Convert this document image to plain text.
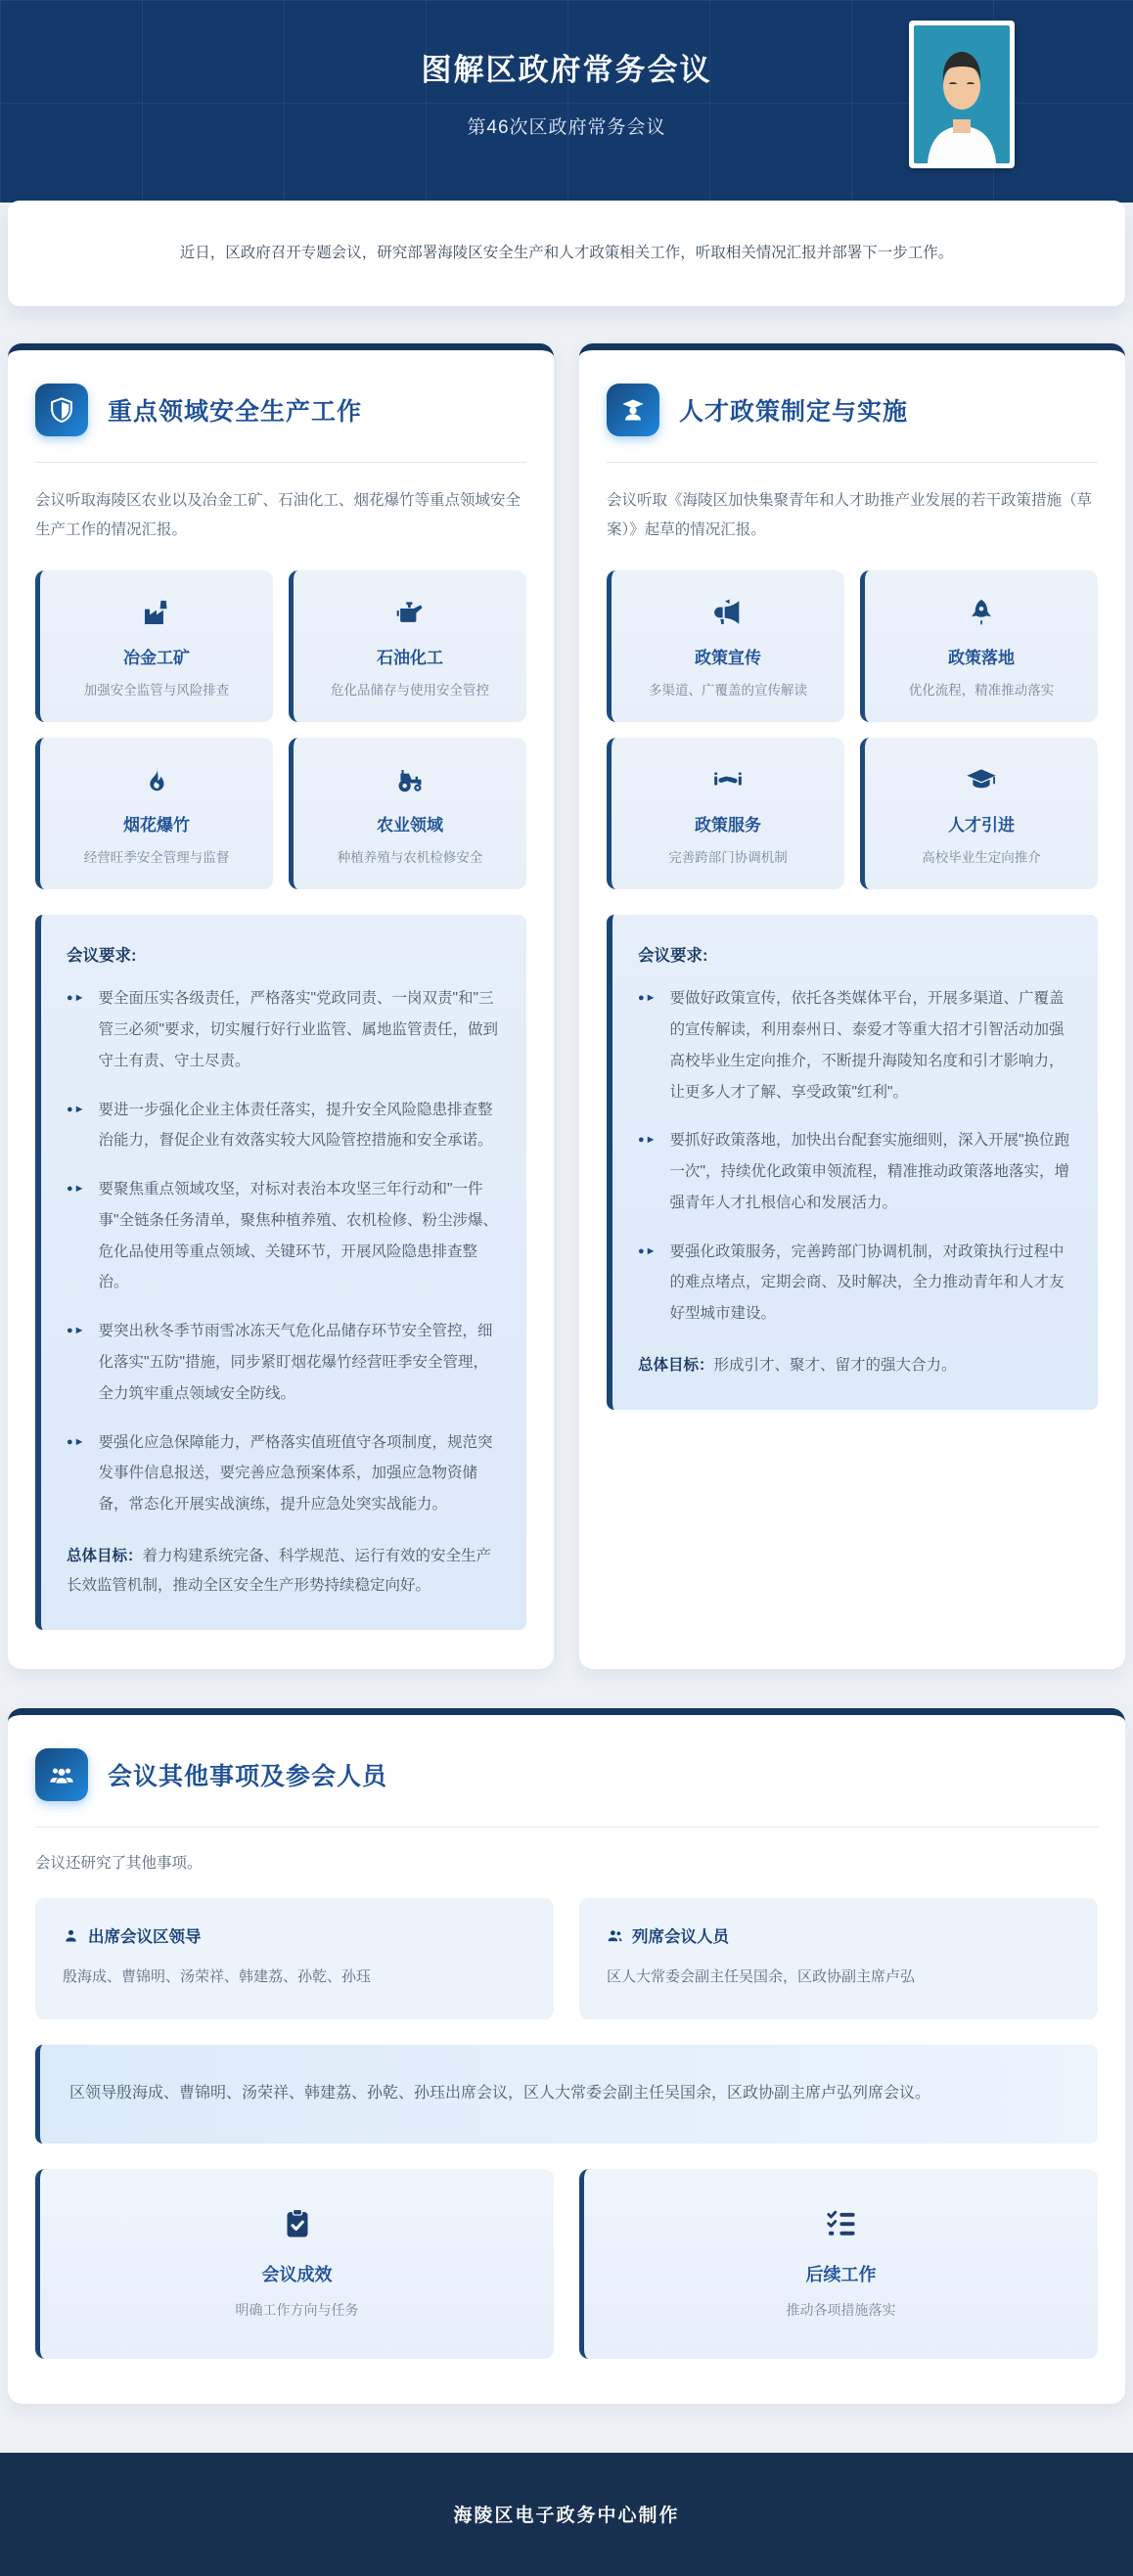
图解区政府常务会议
第46次区政府常务会议
近日，区政府召开专题会议，研究部署海陵区安全生产和人才政策相关工作，听取相关情况汇报并部署下一步工作。
重点领域安全生产工作
会议听取海陵区农业以及冶金工矿、石油化工、烟花爆竹等重点领域安全生产工作的情况汇报。
冶金工矿
加强安全监管与风险排查
石油化工
危化品储存与使用安全管控
烟花爆竹
经营旺季安全管理与监督
农业领域
种植养殖与农机检修安全
会议要求:
●► 要全面压实各级责任，严格落实"党政同责、一岗双责"和"三管三必须"要求，切实履行好行业监管、属地监管责任，做到守土有责、守土尽责。
●► 要进一步强化企业主体责任落实，提升安全风险隐患排查整治能力，督促企业有效落实较大风险管控措施和安全承诺。
●► 要聚焦重点领域攻坚，对标对表治本攻坚三年行动和"一件事"全链条任务清单，聚焦种植养殖、农机检修、粉尘涉爆、危化品使用等重点领域、关键环节，开展风险隐患排查整治。
●► 要突出秋冬季节雨雪冰冻天气危化品储存环节安全管控，细化落实"五防"措施，同步紧盯烟花爆竹经营旺季安全管理，全力筑牢重点领域安全防线。
●► 要强化应急保障能力，严格落实值班值守各项制度，规范突发事件信息报送，要完善应急预案体系，加强应急物资储备，常态化开展实战演练，提升应急处突实战能力。
总体目标：着力构建系统完备、科学规范、运行有效的安全生产长效监管机制，推动全区安全生产形势持续稳定向好。
人才政策制定与实施
会议听取《海陵区加快集聚青年和人才助推产业发展的若干政策措施（草案）》起草的情况汇报。
政策宣传
多渠道、广覆盖的宣传解读
政策落地
优化流程，精准推动落实
政策服务
完善跨部门协调机制
人才引进
高校毕业生定向推介
会议要求:
●► 要做好政策宣传，依托各类媒体平台，开展多渠道、广覆盖的宣传解读，利用泰州日、泰爱才等重大招才引智活动加强高校毕业生定向推介，不断提升海陵知名度和引才影响力，让更多人才了解、享受政策"红利"。
●► 要抓好政策落地，加快出台配套实施细则，深入开展"换位跑一次"，持续优化政策申领流程，精准推动政策落地落实，增强青年人才扎根信心和发展活力。
●► 要强化政策服务，完善跨部门协调机制，对政策执行过程中的难点堵点，定期会商、及时解决，全力推动青年和人才友好型城市建设。
总体目标：形成引才、聚才、留才的强大合力。
会议其他事项及参会人员
会议还研究了其他事项。
出席会议区领导
殷海成、曹锦明、汤荣祥、韩建荔、孙乾、孙珏
列席会议人员
区人大常委会副主任吴国余，区政协副主席卢弘
区领导殷海成、曹锦明、汤荣祥、韩建荔、孙乾、孙珏出席会议，区人大常委会副主任吴国余，区政协副主席卢弘列席会议。
会议成效
明确工作方向与任务
后续工作
推动各项措施落实
海陵区电子政务中心制作
